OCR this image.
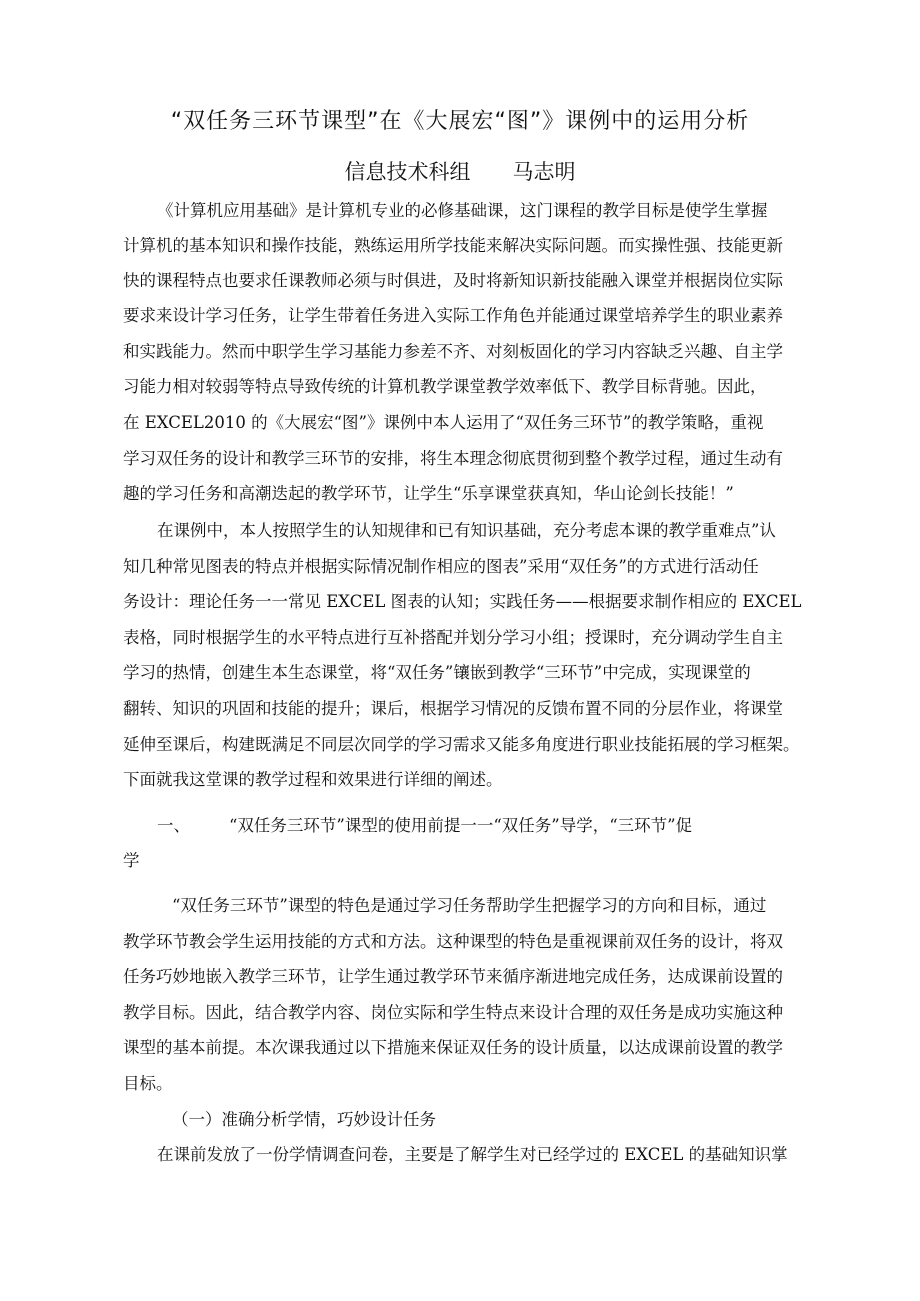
“双任务三环节课型”在《大展宏“图”》课例中的运用分析
信息技术科组 马志明

《计算机应用基础》是计算机专业的必修基础课，这门课程的教学目标是使学生掌握

计算机的基本知识和操作技能，熟练运用所学技能来解决实际问题。而实操性强、技能更新

快的课程特点也要求任课教师必须与时俱进，及时将新知识新技能融入课堂并根据岗位实际

要求来设计学习任务，让学生带着任务进入实际工作角色并能通过课堂培养学生的职业素养

和实践能力。然而中职学生学习基能力参差不齐、对刻板固化的学习内容缺乏兴趣、自主学

习能力相对较弱等特点导致传统的计算机教学课堂教学效率低下、教学目标背驰。因此，

在 EXCEL2010 的《大展宏“图”》课例中本人运用了“双任务三环节”的教学策略，重视

学习双任务的设计和教学三环节的安排，将生本理念彻底贯彻到整个教学过程，通过生动有

趣的学习任务和高潮迭起的教学环节，让学生“乐享课堂获真知，华山论剑长技能！”

在课例中，本人按照学生的认知规律和已有知识基础，充分考虑本课的教学重难点”认

知几种常见图表的特点并根据实际情况制作相应的图表”采用“双任务”的方式进行活动任

务设计：理论任务一一常见 EXCEL 图表的认知；实践任务——根据要求制作相应的 EXCEL

表格，同时根据学生的水平特点进行互补搭配并划分学习小组；授课时，充分调动学生自主

学习的热情，创建生本生态课堂，将“双任务”镶嵌到教学“三环节”中完成，实现课堂的

翻转、知识的巩固和技能的提升；课后，根据学习情况的反馈布置不同的分层作业，将课堂

延伸至课后，构建既满足不同层次同学的学习需求又能多角度进行职业技能拓展的学习框架。

下面就我这堂课的教学过程和效果进行详细的阐述。

一、	“双任务三环节”课型的使用前提一一“双任务”导学，“三环节”促

学

“双任务三环节”课型的特色是通过学习任务帮助学生把握学习的方向和目标，通过

教学环节教会学生运用技能的方式和方法。这种课型的特色是重视课前双任务的设计，将双

任务巧妙地嵌入教学三环节，让学生通过教学环节来循序渐进地完成任务，达成课前设置的

教学目标。因此，结合教学内容、岗位实际和学生特点来设计合理的双任务是成功实施这种

课型的基本前提。本次课我通过以下措施来保证双任务的设计质量，以达成课前设置的教学

目标。

（一）准确分析学情，巧妙设计任务

在课前发放了一份学情调查问卷，主要是了解学生对已经学过的 EXCEL 的基础知识掌
